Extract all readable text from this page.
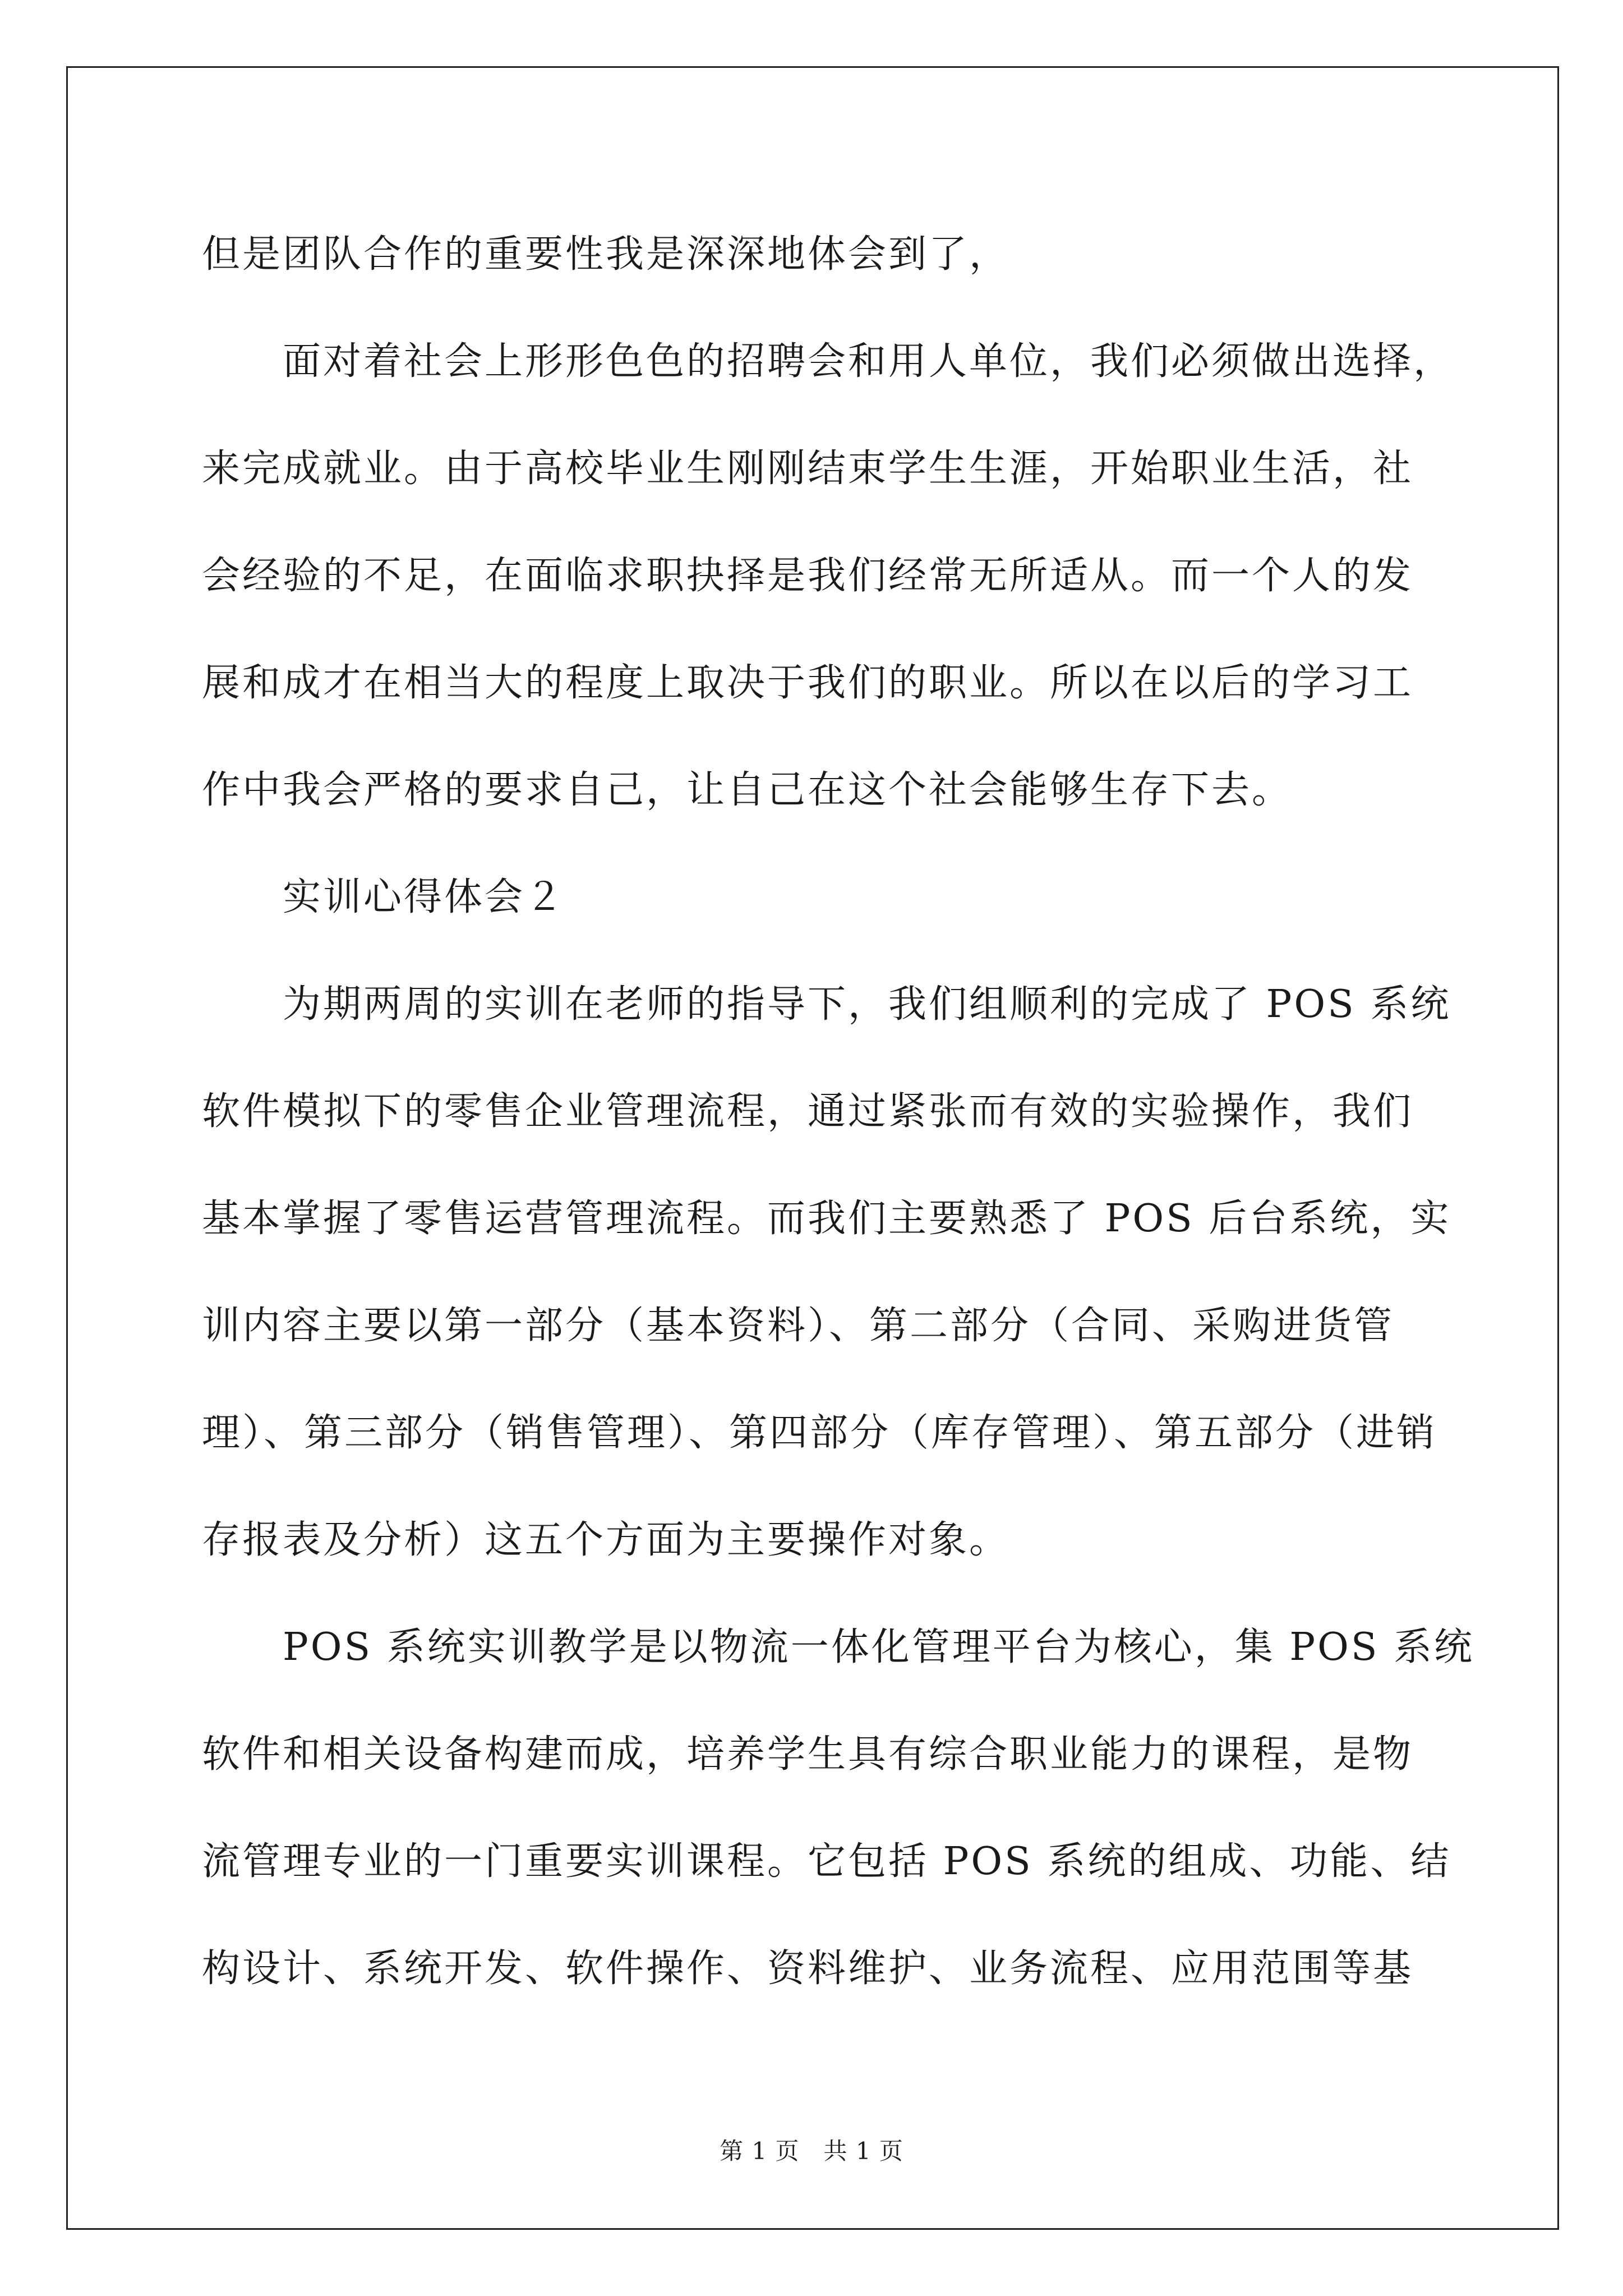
但是团队合作的重要性我是深深地体会到了，
　　面对着社会上形形色色的招聘会和用人单位，我们必须做出选择，
来完成就业。由于高校毕业生刚刚结束学生生涯，开始职业生活，社
会经验的不足，在面临求职抉择是我们经常无所适从。而一个人的发
展和成才在相当大的程度上取决于我们的职业。所以在以后的学习工
作中我会严格的要求自己，让自己在这个社会能够生存下去。
　　实训心得体会２
　　为期两周的实训在老师的指导下，我们组顺利的完成了 POS 系统
软件模拟下的零售企业管理流程，通过紧张而有效的实验操作，我们
基本掌握了零售运营管理流程。而我们主要熟悉了 POS 后台系统，实
训内容主要以第一部分（基本资料）、第二部分（合同、采购进货管
理）、第三部分（销售管理）、第四部分（库存管理）、第五部分（进销
存报表及分析）这五个方面为主要操作对象。
　　POS 系统实训教学是以物流一体化管理平台为核心，集 POS 系统
软件和相关设备构建而成，培养学生具有综合职业能力的课程，是物
流管理专业的一门重要实训课程。它包括 POS 系统的组成、功能、结
构设计、系统开发、软件操作、资料维护、业务流程、应用范围等基
第 1 页　共 1 页
